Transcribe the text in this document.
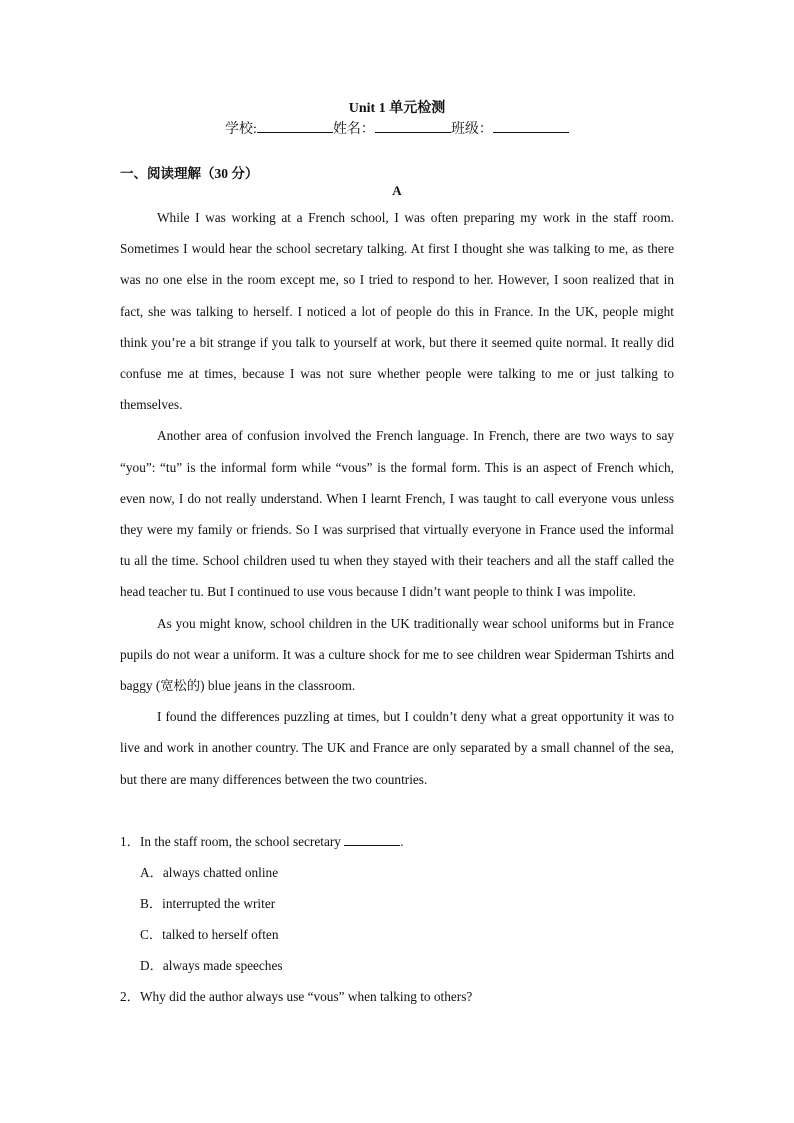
Unit 1 单元检测
学校:	姓名：	班级：
一、阅读理解（30 分）
A

While I was working at a French school, I was often preparing my work in the staff room. Sometimes I would hear the school secretary talking. At first I thought she was talking to me, as there was no one else in the room except me, so I tried to respond to her. However, I soon realized that in fact, she was talking to herself. I noticed a lot of people do this in France. In the UK, people might think you’re a bit strange if you talk to yourself at work, but there it seemed quite normal. It really did confuse me at times, because I was not sure whether people were talking to me or just talking to themselves.

Another area of confusion involved the French language. In French, there are two ways to say “you”: “tu” is the informal form while “vous” is the formal form. This is an aspect of French which, even now, I do not really understand. When I learnt French, I was taught to call everyone vous unless they were my family or friends. So I was surprised that virtually everyone in France used the informal tu all the time. School children used tu when they stayed with their teachers and all the staff called the head teacher tu. But I continued to use vous because I didn’t want people to think I was impolite.

As you might know, school children in the UK traditionally wear school uniforms but in France pupils do not wear a uniform. It was a culture shock for me to see children wear Spiderman Tshirts and baggy (宽松的) blue jeans in the classroom.

I found the differences puzzling at times, but I couldn’t deny what a great opportunity it was to live and work in another country. The UK and France are only separated by a small channel of the sea, but there are many differences between the two countries.

1．In the staff room, the school secretary	.

A．always chatted online

B．interrupted the writer

C．talked to herself often

D．always made speeches

2．Why did the author always use “vous” when talking to others?
